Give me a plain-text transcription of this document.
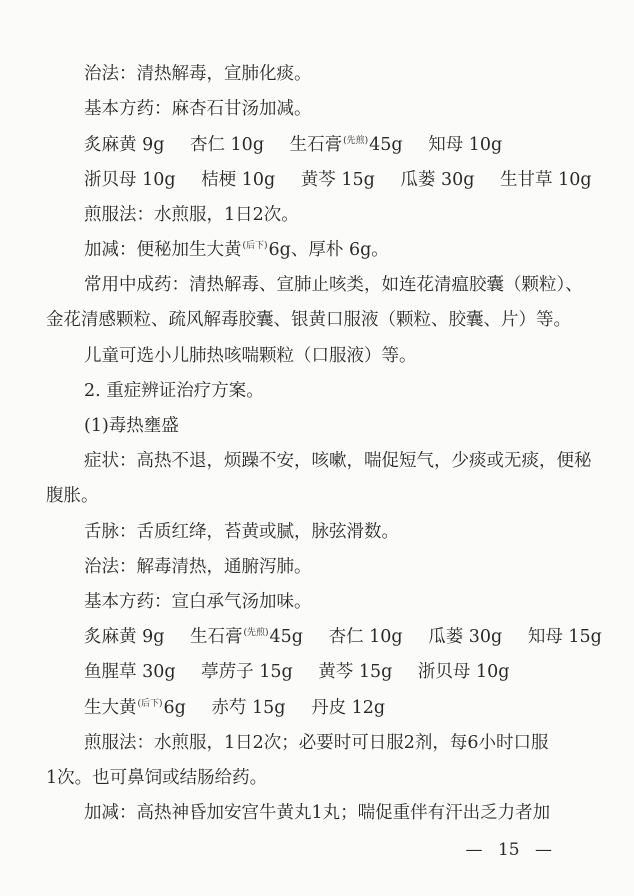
治法：清热解毒，宣肺化痰。
基本方药：麻杏石甘汤加减。
炙麻黄 9g 杏仁 10g 生石膏$^{(先煎)}$45g 知母 10g
浙贝母 10g 桔梗 10g 黄芩 15g 瓜蒌 30g 生甘草 10g
煎服法：水煎服，1日2次。
加减：便秘加生大黄$^{(后下)}$6g、厚朴 6g。
常用中成药：清热解毒、宣肺止咳类，如连花清瘟胶囊（颗粒）、
金花清感颗粒、疏风解毒胶囊、银黄口服液（颗粒、胶囊、片）等。
儿童可选小儿肺热咳喘颗粒（口服液）等。
2. 重症辨证治疗方案。
(1)毒热壅盛
症状：高热不退，烦躁不安，咳嗽，喘促短气，少痰或无痰，便秘
腹胀。
舌脉：舌质红绛，苔黄或腻，脉弦滑数。
治法：解毒清热，通腑泻肺。
基本方药：宣白承气汤加味。
炙麻黄 9g 生石膏$^{(先煎)}$45g 杏仁 10g 瓜蒌 30g 知母 15g
鱼腥草 30g 葶苈子 15g 黄芩 15g 浙贝母 10g
生大黄$^{(后下)}$6g 赤芍 15g 丹皮 12g
煎服法：水煎服，1日2次；必要时可日服2剂，每6小时口服
1次。也可鼻饲或结肠给药。
加减：高热神昏加安宫牛黄丸1丸；喘促重伴有汗出乏力者加
— 15 —
